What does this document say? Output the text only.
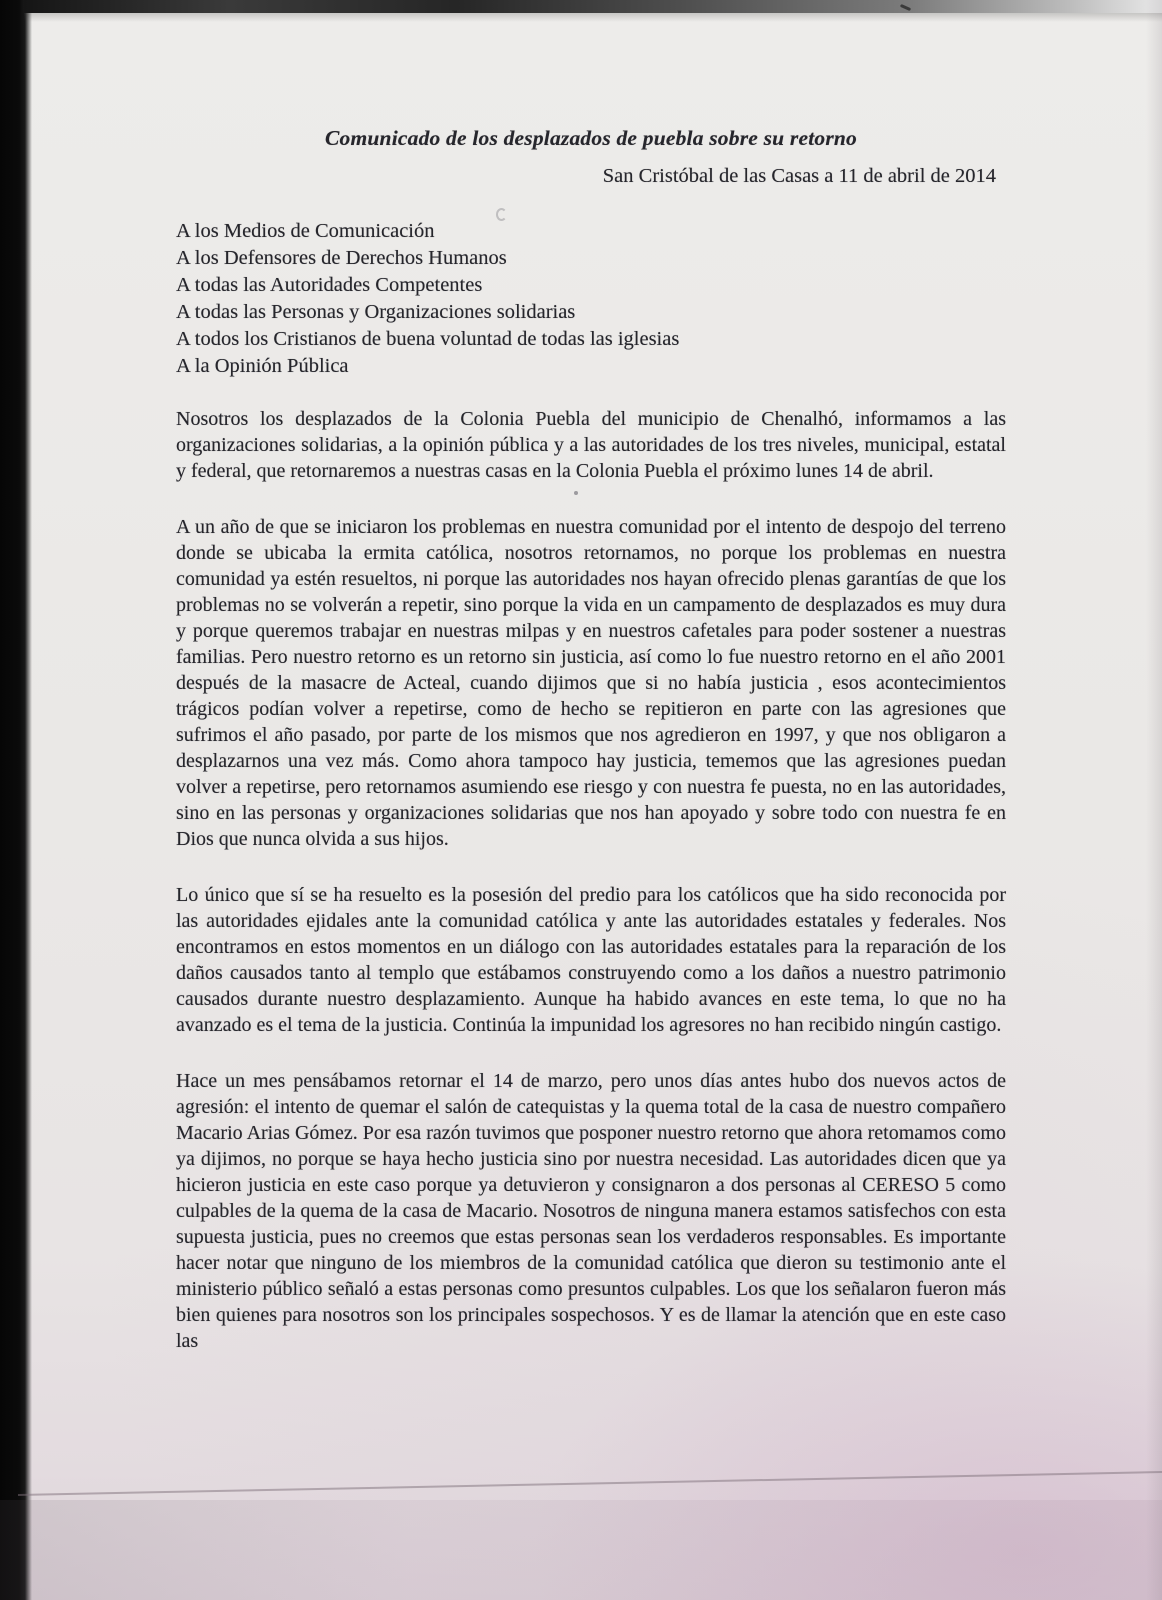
Comunicado de los desplazados de puebla sobre su retorno
San Cristóbal de las Casas a 11 de abril de 2014
A los Medios de Comunicación
A los Defensores de Derechos Humanos
A todas las Autoridades Competentes
A todas las Personas y Organizaciones solidarias
A todos los Cristianos de buena voluntad de todas las iglesias
A la Opinión Pública

Nosotros los desplazados de la Colonia Puebla del municipio de Chenalhó, informamos a las organizaciones solidarias, a la opinión pública y a las autoridades de los tres niveles, municipal, estatal y federal, que retornaremos a nuestras casas en la Colonia Puebla el próximo lunes 14 de abril.

A un año de que se iniciaron los problemas en nuestra comunidad por el intento de despojo del terreno donde se ubicaba la ermita católica, nosotros retornamos, no porque los problemas en nuestra comunidad ya estén resueltos, ni porque las autoridades nos hayan ofrecido plenas garantías de que los problemas no se volverán a repetir, sino porque la vida en un campamento de desplazados es muy dura y porque queremos trabajar en nuestras milpas y en nuestros cafetales para poder sostener a nuestras familias. Pero nuestro retorno es un retorno sin justicia, así como lo fue nuestro retorno en el año 2001 después de la masacre de Acteal, cuando dijimos que si no había justicia , esos acontecimientos trágicos podían volver a repetirse, como de hecho se repitieron en parte con las agresiones que sufrimos el año pasado, por parte de los mismos que nos agredieron en 1997, y que nos obligaron a desplazarnos una vez más. Como ahora tampoco hay justicia, tememos que las agresiones puedan volver a repetirse, pero retornamos asumiendo ese riesgo y con nuestra fe puesta, no en las autoridades, sino en las personas y organizaciones solidarias que nos han apoyado y sobre todo con nuestra fe en Dios que nunca olvida a sus hijos.

Lo único que sí se ha resuelto es la posesión del predio para los católicos que ha sido reconocida por las autoridades ejidales ante la comunidad católica y ante las autoridades estatales y federales. Nos encontramos en estos momentos en un diálogo con las autoridades estatales para la reparación de los daños causados tanto al templo que estábamos construyendo como a los daños a nuestro patrimonio causados durante nuestro desplazamiento. Aunque ha habido avances en este tema, lo que no ha avanzado es el tema de la justicia. Continúa la impunidad los agresores no han recibido ningún castigo.

Hace un mes pensábamos retornar el 14 de marzo, pero unos días antes hubo dos nuevos actos de agresión: el intento de quemar el salón de catequistas y la quema total de la casa de nuestro compañero Macario Arias Gómez. Por esa razón tuvimos que posponer nuestro retorno que ahora retomamos como ya dijimos, no porque se haya hecho justicia sino por nuestra necesidad. Las autoridades dicen que ya hicieron justicia en este caso porque ya detuvieron y consignaron a dos personas al CERESO 5 como culpables de la quema de la casa de Macario. Nosotros de ninguna manera estamos satisfechos con esta supuesta justicia, pues no creemos que estas personas sean los verdaderos responsables. Es importante hacer notar que ninguno de los miembros de la comunidad católica que dieron su testimonio ante el ministerio público señaló a estas personas como presuntos culpables. Los que los señalaron fueron más bien quienes para nosotros son los principales sospechosos. Y es de llamar la atención que en este caso las
